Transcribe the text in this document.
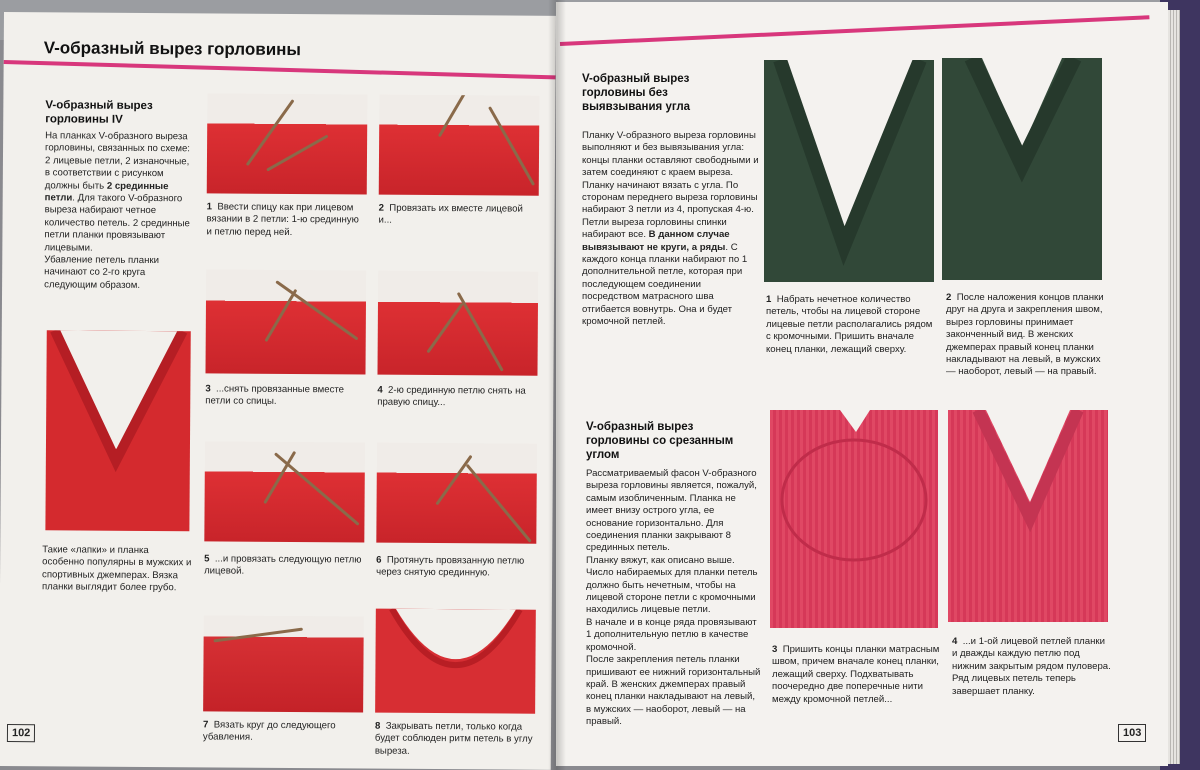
V-образный вырез горловины
V-образный вырез горловины IV
На планках V-образного выреза горловины, связанных по схеме: 2 лицевые петли, 2 изнаночные, в соответствии с рисунком должны быть 2 срединные петли. Для такого V-образного выреза набирают четное количество петель. 2 срединные петли планки провязывают лицевыми.
Убавление петель планки начинают со 2-го круга следующим образом.
Такие «лапки» и планка особенно популярны в мужских и спортивных джемперах. Вязка планки выглядит более грубо.
1 Ввести спицу как при лицевом вязании в 2 петли: 1-ю срединную и петлю перед ней.
2 Провязать их вместе лицевой и...
3 ...снять провязанные вместе петли со спицы.
4 2-ю срединную петлю снять на правую спицу...
5 ...и провязать следующую петлю лицевой.
6 Протянуть провязанную петлю через снятую срединную.
7 Вязать круг до следующего убавления.
8 Закрывать петли, только когда будет соблюден ритм петель в углу выреза.
102
V-образный вырез горловины без выявзывания угла
Планку V-образного выреза горловины выполняют и без вывязывания угла: концы планки оставляют свободными и затем соединяют с краем выреза.
Планку начинают вязать с угла. По сторонам переднего выреза горловины набирают 3 петли из 4, пропуская 4-ю. Петли выреза горловины спинки набирают все. В данном случае вывязывают не круги, а ряды. С каждого конца планки набирают по 1 дополнительной петле, которая при последующем соединении посредством матрасного шва отгибается вовнутрь. Она и будет кромочной петлей.
1 Набрать нечетное количество петель, чтобы на лицевой стороне лицевые петли располагались рядом с кромочными. Пришить вначале конец планки, лежащий сверху.
2 После наложения концов планки друг на друга и закрепления швом, вырез горловины принимает законченный вид. В женских джемперах правый конец планки накладывают на левый, в мужских — наоборот, левый — на правый.
V-образный вырез горловины со срезанным углом
Рассматриваемый фасон V-образного выреза горловины является, пожалуй, самым изобличенным. Планка не имеет внизу острого угла, ее основание горизонтально. Для соединения планки закрывают 8 срединных петель.
Планку вяжут, как описано выше. Число набираемых для планки петель должно быть нечетным, чтобы на лицевой стороне петли с кромочными находились лицевые петли.
В начале и в конце ряда провязывают 1 дополнительную петлю в качестве кромочной.
После закрепления петель планки пришивают ее нижний горизонтальный край. В женских джемперах правый конец планки накладывают на левый, в мужских — наоборот, левый — на правый.
3 Пришить концы планки матрасным швом, причем вначале конец планки, лежащий сверху. Подхватывать поочередно две поперечные нити между кромочной петлей...
4 ...и 1-ой лицевой петлей планки и дважды каждую петлю под нижним закрытым рядом пуловера. Ряд лицевых петель теперь завершает планку.
103
